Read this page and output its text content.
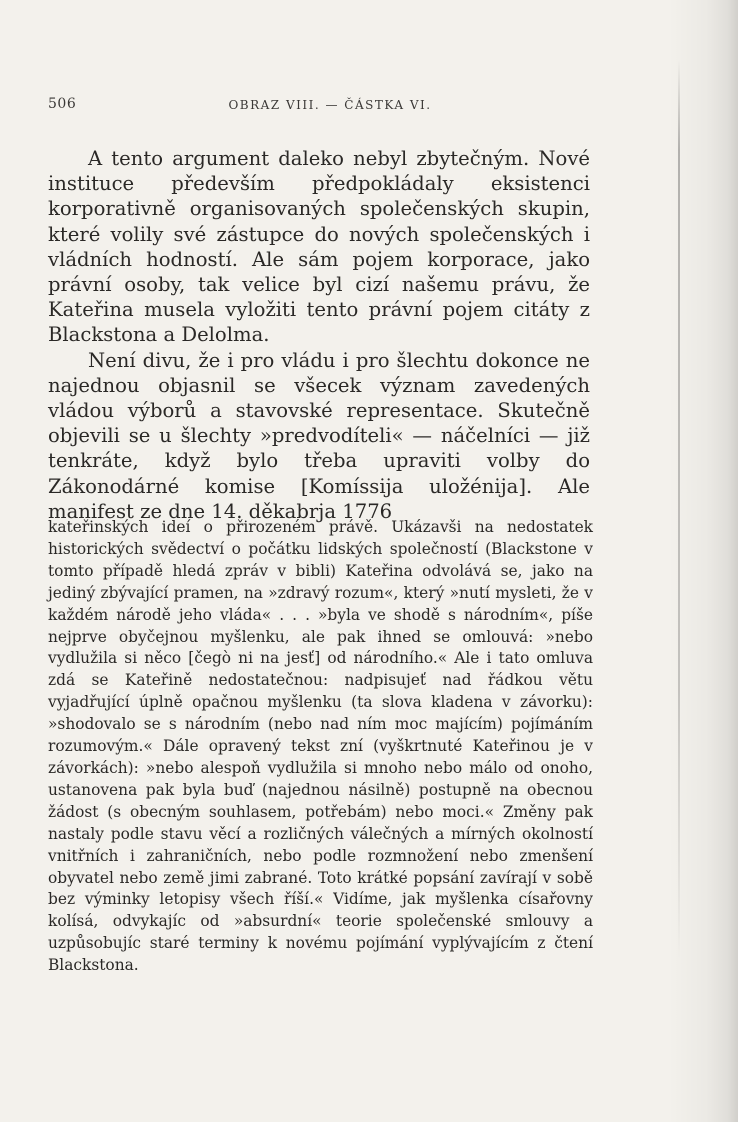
506	OBRAZ VIII. — ČÁSTKA VI.

A tento argument daleko nebyl zbytečným. Nové instituce především předpokládaly eksistenci korporativně organisovaných společenských skupin, které volily své zástupce do nových společenských i vládních hodností. Ale sám pojem korporace, jako právní osoby, tak velice byl cizí našemu právu, že Kateřina musela vyložiti tento právní pojem citáty z Blackstona a Delolma.

Není divu, že i pro vládu i pro šlechtu dokonce ne najednou objasnil se všecek význam zavedených vládou výborů a stavovské representace. Skutečně objevili se u šlechty »predvodíteli« — náčelníci — již tenkráte, když bylo třeba upraviti volby do Zákonodárné komise [Komíssija uložénija]. Ale manifest ze dne 14. děkabrja 1776

kateřinských ideí o přirozeném právě. Ukázavši na nedostatek historických svědectví o počátku lidských společností (Blackstone v tomto případě hledá zpráv v bibli) Kateřina odvolává se, jako na jediný zbývající pramen, na »zdravý rozum«, který »nutí mysleti, že v každém národě jeho vláda« . . . »byla ve shodě s národním«, píše nejprve obyčejnou myšlenku, ale pak ihned se omlouvá: »nebo vydlužila si něco [čegò ni na jesť] od národního.« Ale i tato omluva zdá se Kateřině nedostatečnou: nadpisujeť nad řádkou větu vyjadřující úplně opačnou myšlenku (ta slova kladena v závorku): »shodovalo se s národním (nebo nad ním moc majícím) pojímáním rozumovým.« Dále opravený tekst zní (vyškrtnuté Kateřinou je v závorkách): »nebo alespoň vydlužila si mnoho nebo málo od onoho, ustanovena pak byla buď (najednou násilně) postupně na obecnou žádost (s obecným souhlasem, potřebám) nebo moci.« Změny pak nastaly podle stavu věcí a rozličných válečných a mírných okolností vnitřních i zahraničních, nebo podle rozmnožení nebo zmenšení obyvatel nebo země jimi zabrané. Toto krátké popsání zavírají v sobě bez výminky letopisy všech říší.« Vidíme, jak myšlenka císařovny kolísá, odvykajíc od »absurdní« teorie společenské smlouvy a uzpůsobujíc staré terminy k novému pojímání vyplývajícím z čtení Blackstona.
